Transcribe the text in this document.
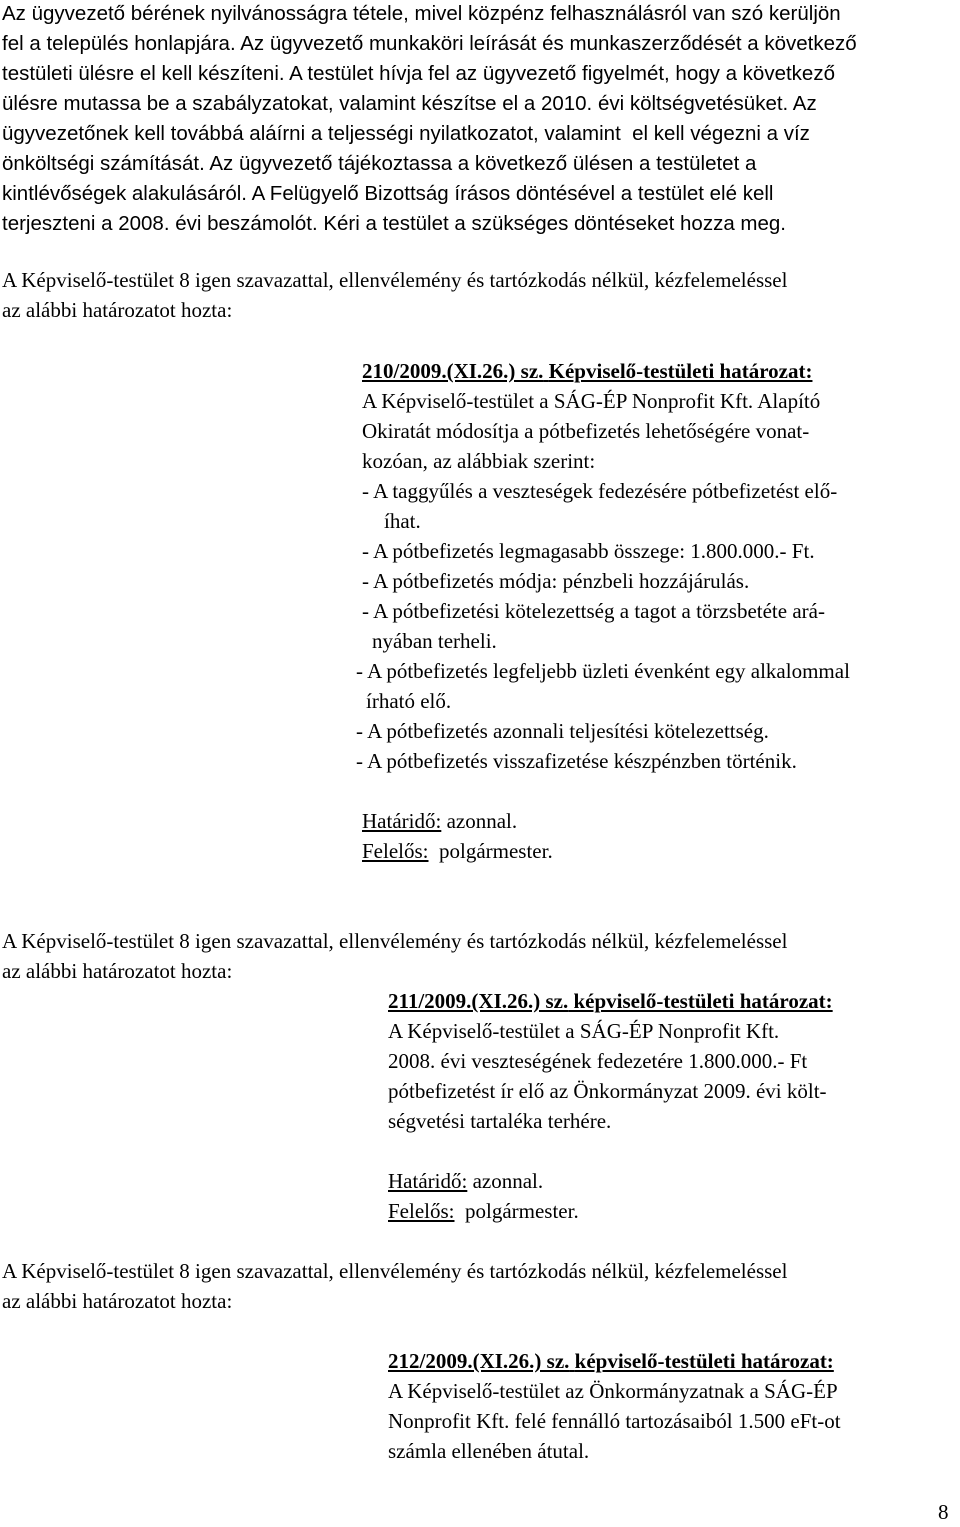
Az ügyvezető bérének nyilvánosságra tétele, mivel közpénz felhasználásról van szó kerüljön
fel a település honlapjára. Az ügyvezető munkaköri leírását és munkaszerződését a következő
testületi ülésre el kell készíteni. A testület hívja fel az ügyvezető figyelmét, hogy a következő
ülésre mutassa be a szabályzatokat, valamint készítse el a 2010. évi költségvetésüket. Az
ügyvezetőnek kell továbbá aláírni a teljességi nyilatkozatot, valamint  el kell végezni a víz
önköltségi számítását. Az ügyvezető tájékoztassa a következő ülésen a testületet a
kintlévőségek alakulásáról. A Felügyelő Bizottság írásos döntésével a testület elé kell
terjeszteni a 2008. évi beszámolót. Kéri a testület a szükséges döntéseket hozza meg.
A Képviselő-testület 8 igen szavazattal, ellenvélemény és tartózkodás nélkül, kézfelemeléssel
az alábbi határozatot hozta:
210/2009.(XI.26.) sz. Képviselő-testületi határozat:
A Képviselő-testület a SÁG-ÉP Nonprofit Kft. Alapító
Okiratát módosítja a pótbefizetés lehetőségére vonat-
kozóan, az alábbiak szerint:
- A taggyűlés a veszteségek fedezésére pótbefizetést elő-
íhat.
- A pótbefizetés legmagasabb összege: 1.800.000.- Ft.
- A pótbefizetés módja: pénzbeli hozzájárulás.
- A pótbefizetési kötelezettség a tagot a törzsbetéte ará-
nyában terheli.
- A pótbefizetés legfeljebb üzleti évenként egy alkalommal
írható elő.
- A pótbefizetés azonnali teljesítési kötelezettség.
- A pótbefizetés visszafizetése készpénzben történik.
Határidő: azonnal.
Felelős: polgármester.
A Képviselő-testület 8 igen szavazattal, ellenvélemény és tartózkodás nélkül, kézfelemeléssel
az alábbi határozatot hozta:
211/2009.(XI.26.) sz. képviselő-testületi határozat:
A Képviselő-testület a SÁG-ÉP Nonprofit Kft.
2008. évi veszteségének fedezetére 1.800.000.- Ft
pótbefizetést ír elő az Önkormányzat 2009. évi költ-
ségvetési tartaléka terhére.
Határidő: azonnal.
Felelős: polgármester.
A Képviselő-testület 8 igen szavazattal, ellenvélemény és tartózkodás nélkül, kézfelemeléssel
az alábbi határozatot hozta:
212/2009.(XI.26.) sz. képviselő-testületi határozat:
A Képviselő-testület az Önkormányzatnak a SÁG-ÉP
Nonprofit Kft. felé fennálló tartozásaiból 1.500 eFt-ot
számla ellenében átutal.
8
